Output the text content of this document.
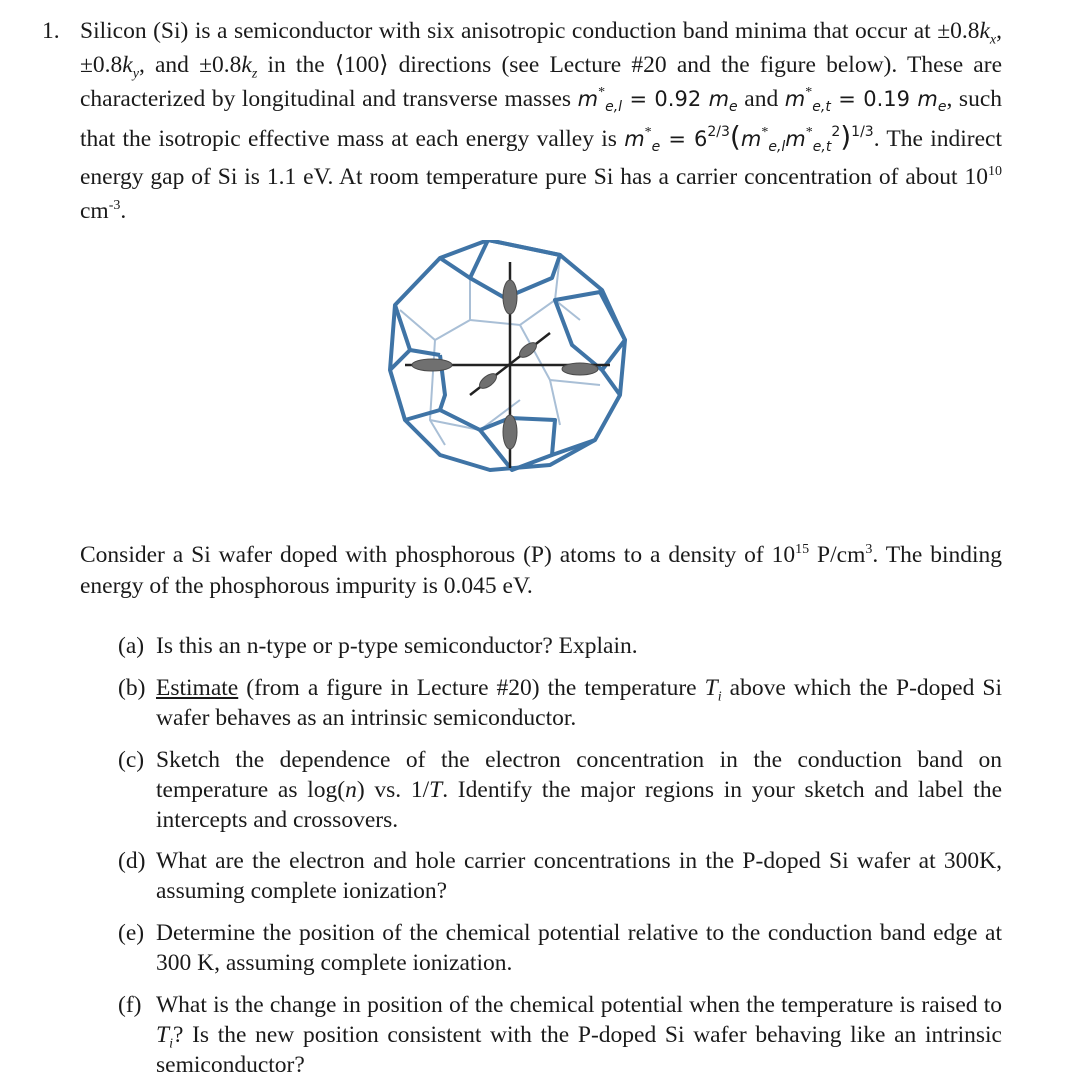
1. Silicon (Si) is a semiconductor with six anisotropic conduction band minima that occur at $\pm 0.8k_x$, $\pm 0.8k_y$, and $\pm 0.8k_z$ in the ⟨100⟩ directions (see Lecture #20 and the figure below). These are characterized by longitudinal and transverse masses $m^*_{e,l} = 0.92$ $m_e$ and $m^*_{e,t} = 0.19$ $m_e$, such that the isotropic effective mass at each energy valley is $m^*_e = 6^{2/3}(m^*_{e,l}m^*_{e,t}^2)^{1/3}$. The indirect energy gap of Si is 1.1 eV. At room temperature pure Si has a carrier concentration of about $10^{10}$ $cm^{-3}$.
Consider a Si wafer doped with phosphorous (P) atoms to a density of $10^{15}$ $P/cm^3$. The binding energy of the phosphorous impurity is 0.045 eV.
(a) Is this an n-type or p-type semiconductor? Explain.
(b) Estimate (from a figure in Lecture #20) the temperature $T_i$ above which the P-doped Si wafer behaves as an intrinsic semiconductor.
(c) Sketch the dependence of the electron concentration in the conduction band on temperature as log(n) vs. 1/T. Identify the major regions in your sketch and label the intercepts and crossovers.
(d) What are the electron and hole carrier concentrations in the P-doped Si wafer at 300K, assuming complete ionization?
(e) Determine the position of the chemical potential relative to the conduction band edge at 300 K, assuming complete ionization.
(f) What is the change in position of the chemical potential when the temperature is raised to $T_i$? Is the new position consistent with the P-doped Si wafer behaving like an intrinsic semiconductor?
